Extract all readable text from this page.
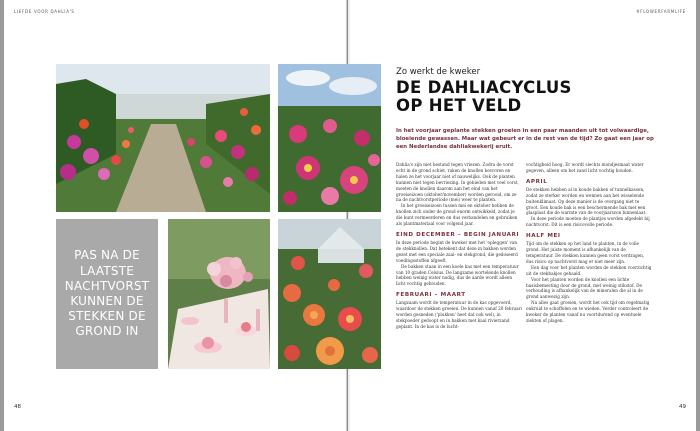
LIEFDE VOOR DAHLIA'S	#FLOWERFARMLIFE
PAS NA DE LAATSTE NACHTVORST KUNNEN DE STEKKEN DE GROND IN
Zo werkt de kweker
DE DAHLIACYCLUS
OP HET VELD
In het voorjaar geplante stekken groeien in een paar maanden uit tot volwaardige, bloeiende gewassen. Maar wat gebeurt er in de rest van de tijd? Zo gaat een jaar op een Nederlandse dahliakwekerij eruit.

Dahlia's zijn niet bestand tegen vriezen. Zodra de vorst echt in de grond schiet, raken de knollen bevroren en halen ze het voorjaar niet of nauwelijks. Ook de planten kunnen niet tegen bevriezing. In gebieden met veel vorst, moeten de knollen daarom aan het eind van het groeiseizoen (oktober/november) worden gerooid, om ze na de nachtvorstperiode (mei) weer te planten.

In het groeiseizoen tussen mei en oktober hebben de knollen zich onder de grond enorm ontwikkeld, zodat je die kunt vermeerderen en dus verbandelen en gebruiken als plantmateriaal voor volgend jaar.

EIND DECEMBER – BEGIN JANUARI

In deze periode begint de kweker met het 'opleggen' van de stekknollen. Dat betekent dat deze in bakken worden gezet met een speciale zaai- en stekgrond, die gedoseerd voedingsstoffen afgeeft.

De bakken staan in een koele kas met een temperatuur van 10 graden Celsius. De langzame wortelende knollen hebben weinig water nodig, dus de aarde wordt alleen licht vochtig gehouden.

FEBRUARI – MAART

Langzaam wordt de temperatuur in de kas opgevoerd, waardoor de stekken groeien. De kunnen vanaf 20 februari worden gesneden ('plukken' heet dat ook wel), in stekpoeder gedoopt en in bakken met kaal rivierzand geplant. In de kas is de lucht-

vochtigheid hoog. Er wordt slechts mondjesmaat water gegeven, alleen om het zand licht vochtig houden.

APRIL

De stekken hebben al in koude bakken of tunnelkassen, zodat ze sterker worden en wennen aan het wisselende buitenklimaat. Op deze manier is de overgang niet te groot. Een koude bak is een beschermende bak met een glasplaat die de warmte van de voorjaarszon binnenlaat.

In deze periode moeten de plantjes worden afgedekt bij nachtvorst. Dit is een risicovolle periode.

HALF MEI

Tijd om de stekken op het land te planten, in de volle grond. Het juiste moment is afhankelijk van de temperatuur. De stekken kunnen geen vorst verdragen, dus risico op nachtvorst mag er niet meer zijn.

Een dag voor het planten worden de stekken voorzichtig uit de stekbakjes gehaald.

Voor het planten worden de knollen een lichte basisbemesting door de grond, met weinig stikstof. De verhouding is afhankelijk van de mineralen die al in de grond aanwezig zijn.

Na alles gaat groeien, wordt het ook tijd om regelmatig onkruid te schoffelen en te wieden. Verder controleert de kweker de planten vanaf nu voortdurend op eventuele ziekten of plagen.

48	49
